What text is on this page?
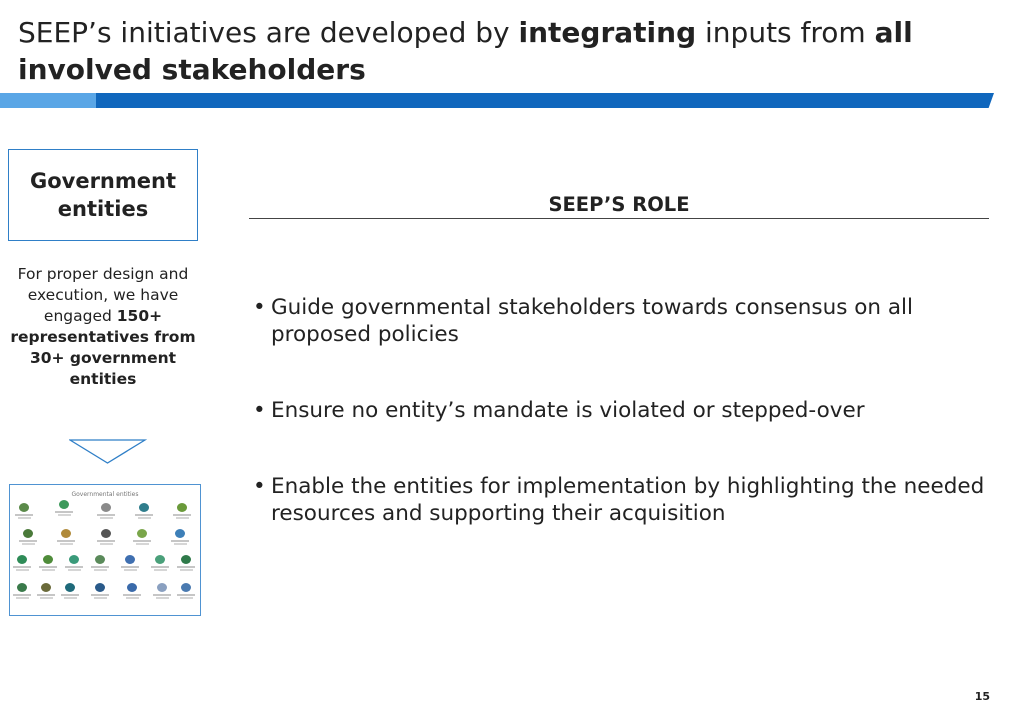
SEEP’s initiatives are developed by integrating inputs from all involved stakeholders
Government entities
For proper design and execution, we have engaged 150+ representatives from 30+ government entities
Governmental entities
SEEP’S ROLE
• Guide governmental stakeholders towards consensus on all proposed policies
• Ensure no entity’s mandate is violated or stepped-over
• Enable the entities for implementation by highlighting the needed resources and supporting their acquisition
15
